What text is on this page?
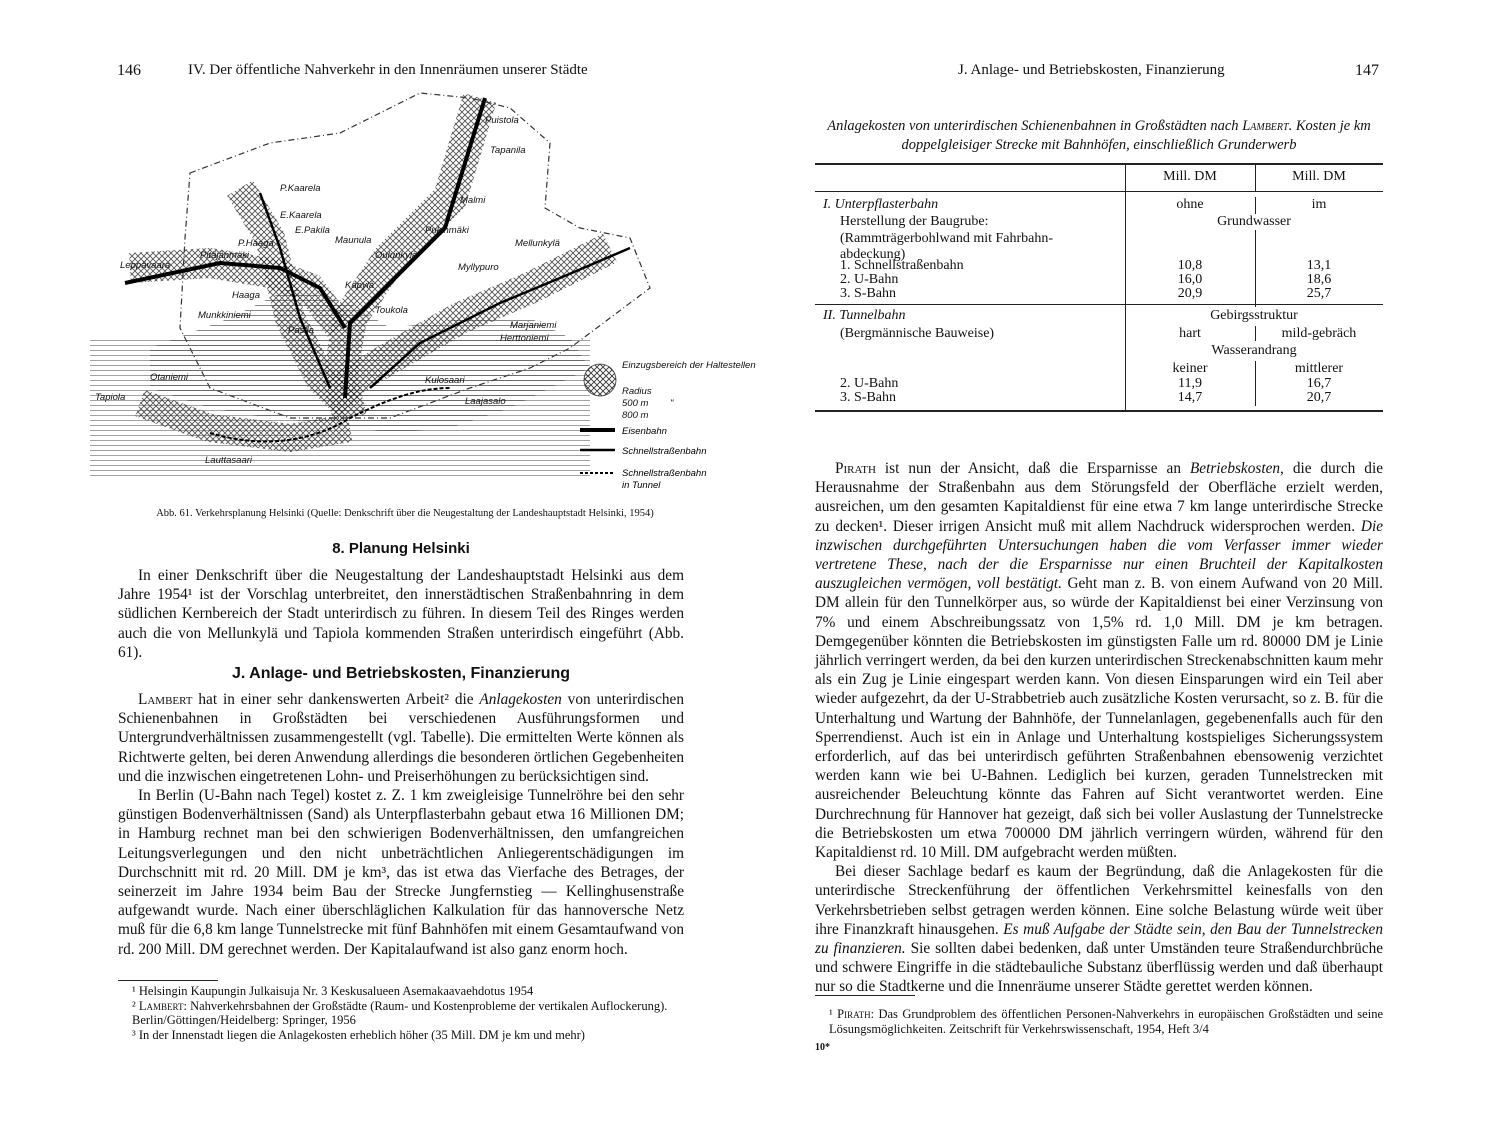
146	IV. Der öffentliche Nahverkehr in den Innenräumen unserer Städte
Puistola
Tapanila
P.Kaarela
Malmi
E.Kaarela
E.Pakila	Pukinmäki
Mellunkylä
P.Haaga	Maunula
Oulunkylä
Pitäjänmäki
Leppävaara	Myllypuro
Haaga
Käpylä
Munkkiniemi	Toukola
Pasila	Marjaniemi
Herttoniemi
Otaniemi	Kulosaari
Tapiola	Laajasalo
Lauttasaari
Einzugsbereich der Haltestellen
Radius
500 m "
800 m
Eisenbahn
Schnellstraßenbahn
Schnellstraßenbahn
in Tunnel
Abb. 61. Verkehrsplanung Helsinki (Quelle: Denkschrift über die Neugestaltung der Landeshauptstadt Helsinki, 1954)
8. Planung Helsinki

In einer Denkschrift über die Neugestaltung der Landeshauptstadt Helsinki aus dem Jahre 1954¹ ist der Vorschlag unterbreitet, den innerstädtischen Straßenbahnring in dem südlichen Kernbereich der Stadt unterirdisch zu führen. In diesem Teil des Ringes werden auch die von Mellunkylä und Tapiola kommenden Straßen unterirdisch eingeführt (Abb. 61).

J. Anlage- und Betriebskosten, Finanzierung

Lambert hat in einer sehr dankenswerten Arbeit² die Anlagekosten von unterirdischen Schienenbahnen in Großstädten bei verschiedenen Ausführungsformen und Untergrundverhältnissen zusammengestellt (vgl. Tabelle). Die ermittelten Werte können als Richtwerte gelten, bei deren Anwendung allerdings die besonderen örtlichen Gegebenheiten und die inzwischen eingetretenen Lohn- und Preiserhöhungen zu berücksichtigen sind.

In Berlin (U-Bahn nach Tegel) kostet z. Z. 1 km zweigleisige Tunnelröhre bei den sehr günstigen Bodenverhältnissen (Sand) als Unterpflasterbahn gebaut etwa 16 Millionen DM; in Hamburg rechnet man bei den schwierigen Bodenverhältnissen, den umfangreichen Leitungsverlegungen und den nicht unbeträchtlichen Anliegerentschädigungen im Durchschnitt mit rd. 20 Mill. DM je km³, das ist etwa das Vierfache des Betrages, der seinerzeit im Jahre 1934 beim Bau der Strecke Jungfernstieg — Kellinghusenstraße aufgewandt wurde. Nach einer überschläglichen Kalkulation für das hannoversche Netz muß für die 6,8 km lange Tunnelstrecke mit fünf Bahnhöfen mit einem Gesamtaufwand von rd. 200 Mill. DM gerechnet werden. Der Kapitalaufwand ist also ganz enorm hoch.

¹ Helsingin Kaupungin Julkaisuja Nr. 3 Keskusalueen Asemakaavaehdotus 1954
² Lambert: Nahverkehrsbahnen der Großstädte (Raum- und Kostenprobleme der vertikalen Auflockerung). Berlin/Göttingen/Heidelberg: Springer, 1956
³ In der Innenstadt liegen die Anlagekosten erheblich höher (35 Mill. DM je km und mehr)
J. Anlage- und Betriebskosten, Finanzierung	147
Anlagekosten von unterirdischen Schienenbahnen in Großstädten nach Lambert. Kosten je km doppelgleisiger Strecke mit Bahnhöfen, einschließlich Grunderwerb
Mill. DM	Mill. DM
I. Unterpflasterbahn	ohne	im
Herstellung der Baugrube:	Grundwasser
(Rammträgerbohlwand mit Fahrbahn-
abdeckung)
1. Schnellstraßenbahn	10,8	13,1
2. U-Bahn	16,0	18,6
3. S-Bahn	20,9	25,7
II. Tunnelbahn	Gebirgsstruktur
(Bergmännische Bauweise)	hart	mild-gebräch
Wasserandrang
keiner	mittlerer
2. U-Bahn	11,9	16,7
3. S-Bahn	14,7	20,7

Pirath ist nun der Ansicht, daß die Ersparnisse an Betriebskosten, die durch die Herausnahme der Straßenbahn aus dem Störungsfeld der Oberfläche erzielt werden, ausreichen, um den gesamten Kapitaldienst für eine etwa 7 km lange unterirdische Strecke zu decken¹. Dieser irrigen Ansicht muß mit allem Nachdruck widersprochen werden. Die inzwischen durchgeführten Untersuchungen haben die vom Verfasser immer wieder vertretene These, nach der die Ersparnisse nur einen Bruchteil der Kapitalkosten auszugleichen vermögen, voll bestätigt. Geht man z. B. von einem Aufwand von 20 Mill. DM allein für den Tunnelkörper aus, so würde der Kapitaldienst bei einer Verzinsung von 7% und einem Abschreibungssatz von 1,5% rd. 1,0 Mill. DM je km betragen. Demgegenüber könnten die Betriebskosten im günstigsten Falle um rd. 80000 DM je Linie jährlich verringert werden, da bei den kurzen unterirdischen Streckenabschnitten kaum mehr als ein Zug je Linie eingespart werden kann. Von diesen Einsparungen wird ein Teil aber wieder aufgezehrt, da der U-Strabbetrieb auch zusätzliche Kosten verursacht, so z. B. für die Unterhaltung und Wartung der Bahnhöfe, der Tunnelanlagen, gegebenenfalls auch für den Sperrendienst. Auch ist ein in Anlage und Unterhaltung kostspieliges Sicherungssystem erforderlich, auf das bei unterirdisch geführten Straßenbahnen ebensowenig verzichtet werden kann wie bei U-Bahnen. Lediglich bei kurzen, geraden Tunnelstrecken mit ausreichender Beleuchtung könnte das Fahren auf Sicht verantwortet werden. Eine Durchrechnung für Hannover hat gezeigt, daß sich bei voller Auslastung der Tunnelstrecke die Betriebskosten um etwa 700000 DM jährlich verringern würden, während für den Kapitaldienst rd. 10 Mill. DM aufgebracht werden müßten.

Bei dieser Sachlage bedarf es kaum der Begründung, daß die Anlagekosten für die unterirdische Streckenführung der öffentlichen Verkehrsmittel keinesfalls von den Verkehrsbetrieben selbst getragen werden können. Eine solche Belastung würde weit über ihre Finanzkraft hinausgehen. Es muß Aufgabe der Städte sein, den Bau der Tunnelstrecken zu finanzieren. Sie sollten dabei bedenken, daß unter Umständen teure Straßendurchbrüche und schwere Eingriffe in die städtebauliche Substanz überflüssig werden und daß überhaupt nur so die Stadtkerne und die Innenräume unserer Städte gerettet werden können.

¹ Pirath: Das Grundproblem des öffentlichen Personen-Nahverkehrs in europäischen Großstädten und seine Lösungsmöglichkeiten. Zeitschrift für Verkehrswissenschaft, 1954, Heft 3/4
10*
